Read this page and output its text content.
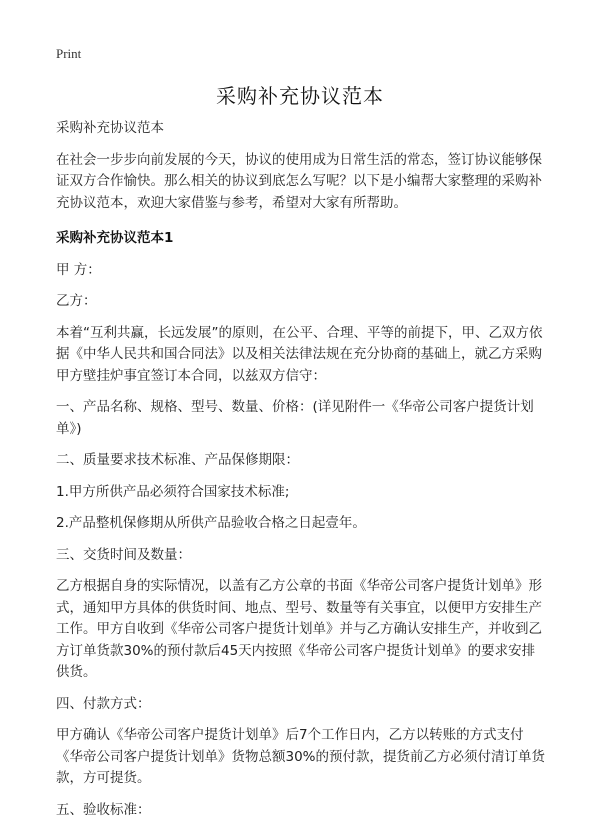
Print
采购补充协议范本

采购补充协议范本

在社会一步步向前发展的今天，协议的使用成为日常生活的常态，签订协议能够保证双方合作愉快。那么相关的协议到底怎么写呢？以下是小编帮大家整理的采购补充协议范本，欢迎大家借鉴与参考，希望对大家有所帮助。

采购补充协议范本1

甲 方：

乙方：

本着“互利共赢，长远发展”的原则，在公平、合理、平等的前提下，甲、乙双方依据《中华人民共和国合同法》以及相关法律法规在充分协商的基础上，就乙方采购甲方壁挂炉事宜签订本合同，以兹双方信守：

一、产品名称、规格、型号、数量、价格：(详见附件一《华帝公司客户提货计划单》)

二、质量要求技术标准、产品保修期限：

1.甲方所供产品必须符合国家技术标准;

2.产品整机保修期从所供产品验收合格之日起壹年。

三、交货时间及数量：

乙方根据自身的实际情况，以盖有乙方公章的书面《华帝公司客户提货计划单》形式，通知甲方具体的供货时间、地点、型号、数量等有关事宜，以便甲方安排生产工作。甲方自收到《华帝公司客户提货计划单》并与乙方确认安排生产，并收到乙方订单货款30%的预付款后45天内按照《华帝公司客户提货计划单》的要求安排供货。

四、付款方式：

甲方确认《华帝公司客户提货计划单》后7个工作日内，乙方以转账的方式支付《华帝公司客户提货计划单》货物总额30%的预付款，提货前乙方必须付清订单货款，方可提货。

五、验收标准：
